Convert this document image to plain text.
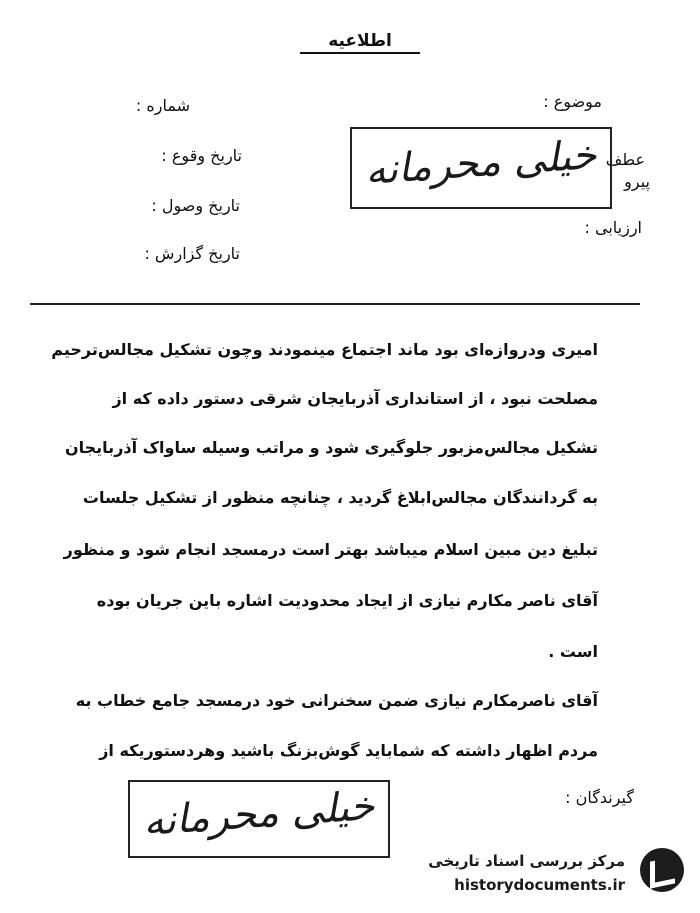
اطلاعیه
موضوع :
عطف
پیرو
ارزیابی :
شماره :
تاریخ وقوع :
تاریخ وصول :
تاریخ گزارش :
خیلی محرمانه
امیری ودروازه‌ای بود ماند اجتماع مینمودند وچون تشکیل مجالس‌ترحیم‌
مصلحت نبود ، از استانداری آذربایجان شرقی دستور داده که از
تشکیل مجالس‌مزبور جلوگیری شود و مراتب وسیله ساواک آذربایجان
به گردانندگان مجالس‌ابلاغ گردید ، چنانچه منظور از تشکیل جلسات
تبلیغ دین مبین اسلام میباشد بهتر است درمسجد انجام شود و منظور
آقای ناصر مکارم نیازی از ایجاد محدودیت اشاره باین جریان بوده
است .
آقای ناصرمکارم نیازی ضمن سخنرانی خود درمسجد جامع خطاب به
مردم اظهار داشته که شماباید گوش‌بزنگ باشید وهردستوریکه از
گیرندگان :
خیلی محرمانه
مرکز بررسی اسناد تاریخی
historydocuments.ir
